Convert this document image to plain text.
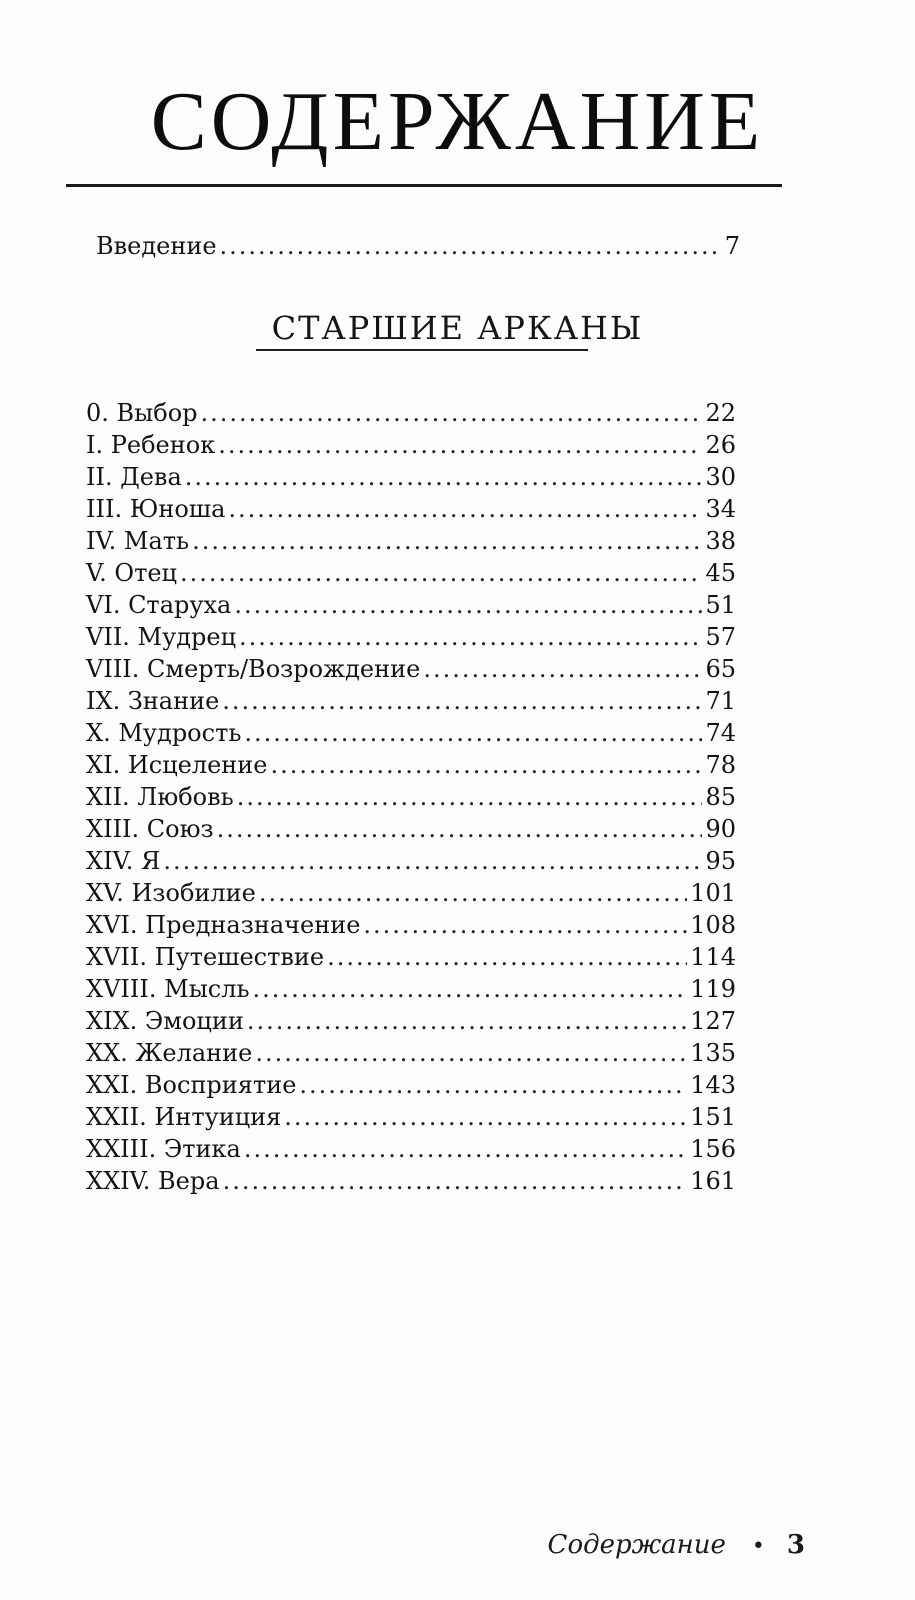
СОДЕРЖАНИЕ
Введение .....	7
СТАРШИЕ АРКАНЫ
0. Выбор .....	22
I. Ребенок .....	26
II. Дева .....	30
III. Юноша .....	34
IV. Мать .....	38
V. Отец .....	45
VI. Старуха .....	51
VII. Мудрец .....	57
VIII. Смерть/Возрождение .....	65
IX. Знание .....	71
X. Мудрость .....	74
XI. Исцеление .....	78
XII. Любовь .....	85
XIII. Союз .....	90
XIV. Я .....	95
XV. Изобилие .....	101
XVI. Предназначение .....	108
XVII. Путешествие .....	114
XVIII. Мысль .....	119
XIX. Эмоции .....	127
XX. Желание .....	135
XXI. Восприятие .....	143
XXII. Интуиция .....	151
XXIII. Этика .....	156
XXIV. Вера .....	161
Содержание • 3
